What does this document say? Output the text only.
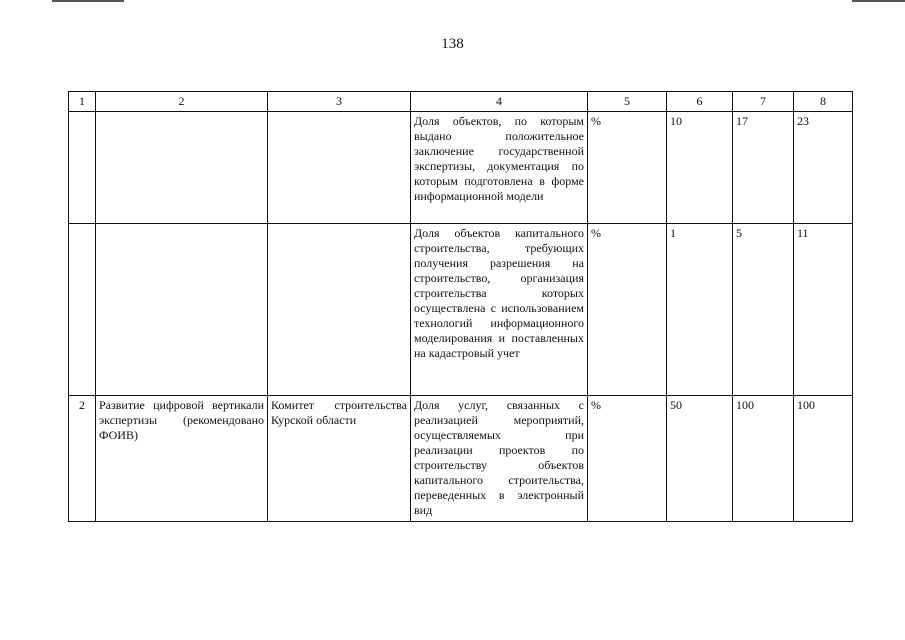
138
1	2	3	4	5	6	7	8
			Доля объектов, по которым выдано положительное заключение государственной экспертизы, документация по которым подготовлена в форме информационной модели	%	10	17	23
			Доля объектов капитального строительства, требующих получения разрешения на строительство, организация строительства которых осуществлена с использованием технологий информационного моделирования и поставленных на кадастровый учет	%	1	5	11
2	Развитие цифровой вертикали экспертизы (рекомендовано ФОИВ)	Комитет строительства Курской области	Доля услуг, связанных с реализацией мероприятий, осуществляемых при реализации проектов по строительству объектов капитального строительства, переведенных в электронный вид	%	50	100	100
